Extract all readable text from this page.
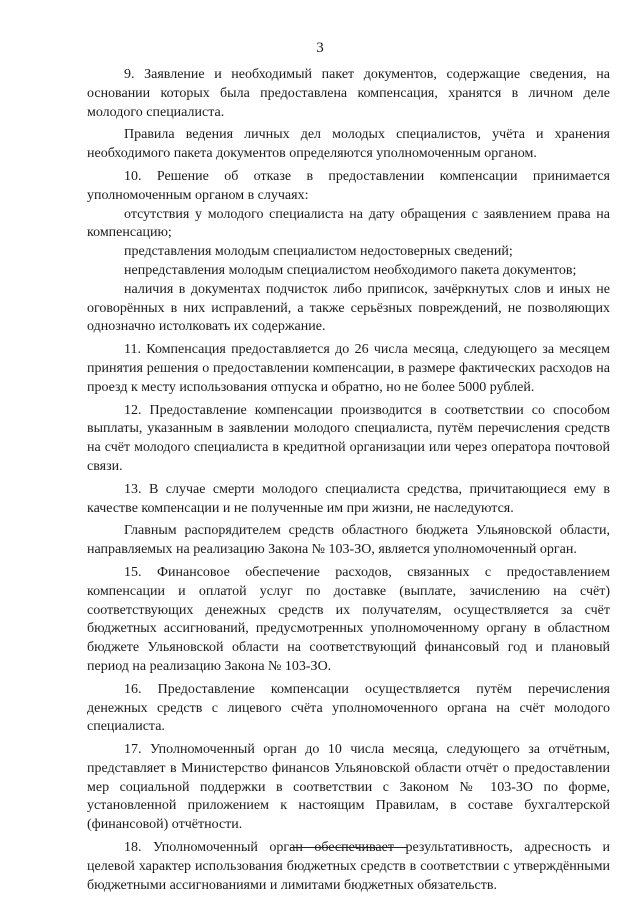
3

9. Заявление и необходимый пакет документов, содержащие сведения, на основании которых была предоставлена компенсация, хранятся в личном деле молодого специалиста.

Правила ведения личных дел молодых специалистов, учёта и хранения необходимого пакета документов определяются уполномоченным органом.

10. Решение об отказе в предоставлении компенсации принимается уполномоченным органом в случаях:

отсутствия у молодого специалиста на дату обращения с заявлением права на компенсацию;

представления молодым специалистом недостоверных сведений;

непредставления молодым специалистом необходимого пакета документов;

наличия в документах подчисток либо приписок, зачёркнутых слов и иных не оговорённых в них исправлений, а также серьёзных повреждений, не позволяющих однозначно истолковать их содержание.

11. Компенсация предоставляется до 26 числа месяца, следующего за месяцем принятия решения о предоставлении компенсации, в размере фактических расходов на проезд к месту использования отпуска и обратно, но не более 5000 рублей.

12. Предоставление компенсации производится в соответствии со способом выплаты, указанным в заявлении молодого специалиста, путём перечисления средств на счёт молодого специалиста в кредитной организации или через оператора почтовой связи.

13. В случае смерти молодого специалиста средства, причитающиеся ему в качестве компенсации и не полученные им при жизни, не наследуются.

Главным распорядителем средств областного бюджета Ульяновской области, направляемых на реализацию Закона № 103-ЗО, является уполномоченный орган.

15. Финансовое обеспечение расходов, связанных с предоставлением компенсации и оплатой услуг по доставке (выплате, зачислению на счёт) соответствующих денежных средств их получателям, осуществляется за счёт бюджетных ассигнований, предусмотренных уполномоченному органу в областном бюджете Ульяновской области на соответствующий финансовый год и плановый период на реализацию Закона № 103-ЗО.

16. Предоставление компенсации осуществляется путём перечисления денежных средств с лицевого счёта уполномоченного органа на счёт молодого специалиста.

17. Уполномоченный орган до 10 числа месяца, следующего за отчётным, представляет в Министерство финансов Ульяновской области отчёт о предоставлении мер социальной поддержки в соответствии с Законом № 103-ЗО по форме, установленной приложением к настоящим Правилам, в составе бухгалтерской (финансовой) отчётности.

18. Уполномоченный орган обеспечивает результативность, адресность и целевой характер использования бюджетных средств в соответствии с утверждёнными бюджетными ассигнованиями и лимитами бюджетных обязательств.
